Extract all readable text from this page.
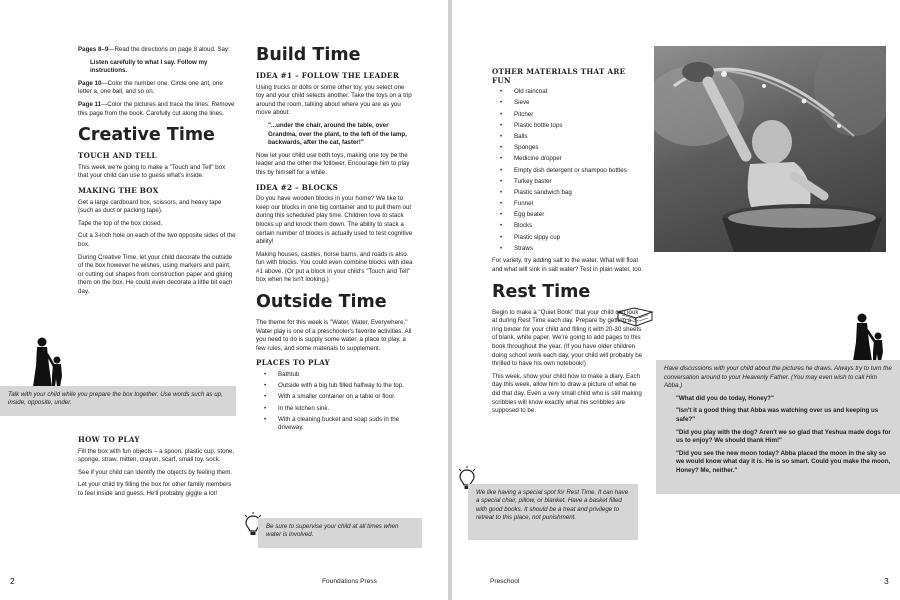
Pages 8–9—Read the directions on page 8 aloud. Say:

Listen carefully to what I say. Follow my instructions.

Page 10—Color the number one. Circle one ant, one letter a, one ball, and so on.

Page 11—Color the pictures and trace the lines. Remove this page from the book. Carefully cut along the lines.

Creative Time
TOUCH AND TELL

This week we're going to make a "Touch and Tell" box that your child can use to guess what's inside.

MAKING THE BOX

Get a large cardboard box, scissors, and heavy tape (such as duct or packing tape).

Tape the top of the box closed.

Cut a 3-inch hole on each of the two opposite sides of the box.

During Creative Time, let your child decorate the outside of the box however he wishes, using markers and paint, or cutting out shapes from construction paper and gluing them on the box. He could even decorate a little bit each day.

Talk with your child while you prepare the box together. Use words such as up, inside, opposite, under.
HOW TO PLAY

Fill the box with fun objects – a spoon, plastic cup, stone, sponge, straw, mitten, crayon, scarf, small toy, sock.

See if your child can identify the objects by feeling them.

Let your child try filling the box for other family members to feel inside and guess. He'll probably giggle a lot!

Build Time
IDEA #1 – FOLLOW THE LEADER

Using trucks or dolls or some other toy, you select one toy and your child selects another. Take the toys on a trip around the room, talking about where you are as you move about:

"...under the chair, around the table, over Grandma, over the plant, to the left of the lamp, backwards, after the cat, faster!"

Now let your child use both toys, making one toy be the leader and the other the follower. Encourage him to play this by himself for a while.

IDEA #2 – BLOCKS

Do you have wooden blocks in your home? We like to keep our blocks in one big container and to pull them out during this scheduled play time. Children love to stack blocks up and knock them down. The ability to stack a certain number of blocks is actually used to test cognitive ability!

Making houses, castles, horse barns, and roads is also fun with blocks. You could even combine blocks with idea #1 above. (Or put a block in your child's "Touch and Tell" box when he isn't looking.)

Outside Time

The theme for this week is "Water, Water, Everywhere." Water play is one of a preschooler's favorite activities. All you need to do is supply some water, a place to play, a few rules, and some materials to supplement.

PLACES TO PLAY
• Bathtub
• Outside with a big tub filled halfway to the top.
• With a smaller container on a table or floor.
• In the kitchen sink.
• With a cleaning bucket and soap suds in the driveway.
Be sure to supervise your child at all times when water is involved.
2	Foundations Press
OTHER MATERIALS THAT ARE FUN
• Old raincoat
• Sieve
• Pitcher
• Plastic bottle tops
• Balls
• Sponges
• Medicine dropper
• Empty dish detergent or shampoo bottles
• Turkey baster
• Plastic sandwich bag
• Funnel
• Egg beater
• Blocks
• Plastic sippy cup
• Straws

For variety, try adding salt to the water. What will float and what will sink in salt water? Test in plain water, too.

Rest Time

Begin to make a "Quiet Book" that your child can look at during Rest Time each day. Prepare by getting a 3-ring binder for your child and filling it with 20-30 sheets of blank, white paper. We're going to add pages to this book throughout the year. (If you have older children doing school work each day, your child will probably be thrilled to have his own notebook!)

This week, show your child how to make a diary. Each day this week, allow him to draw a picture of what he did that day. Even a very small child who is still making scribbles will know exactly what his scribbles are supposed to be.

We like having a special spot for Rest Time. It can have a special chair, pillow, or blanket. Have a basket filled with good books. It should be a treat and privilege to retreat to this place, not punishment.

Have discussions with your child about the pictures he draws. Always try to turn the conversation around to your Heavenly Father. (You may even wish to call Him Abba.)

"What did you do today, Honey?"

"Isn't it a good thing that Abba was watching over us and keeping us safe?"

"Did you play with the dog? Aren't we so glad that Yeshua made dogs for us to enjoy? We should thank Him!"

"Did you see the new moon today? Abba placed the moon in the sky so we would know what day it is. He is so smart. Could you make the moon, Honey? Me, neither."

Preschool	3
